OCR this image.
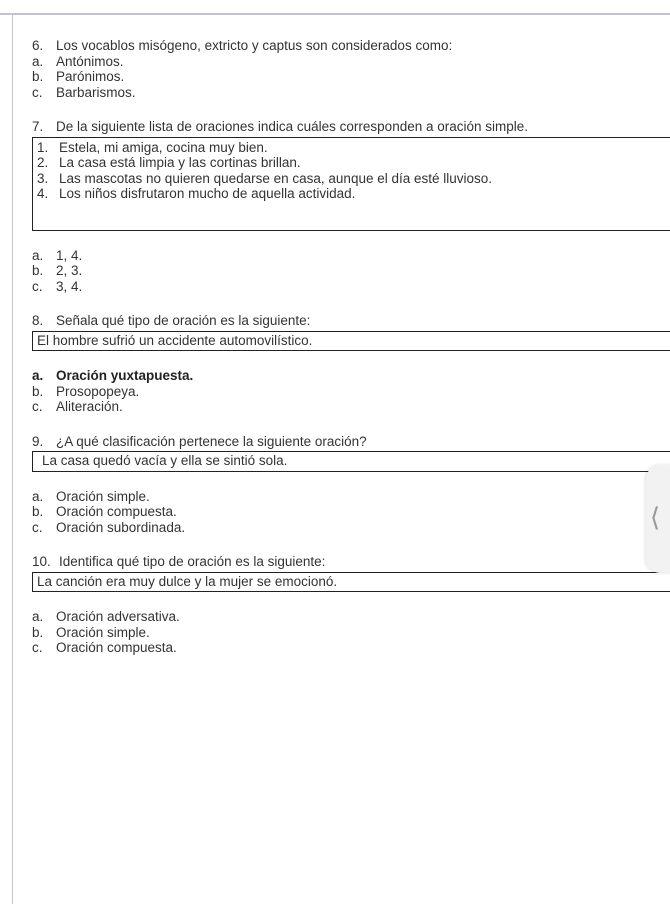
6. Los vocablos misógeno, extricto y captus son considerados como:

a. Antónimos.

b. Parónimos.

c. Barbarismos.

7. De la siguiente lista de oraciones indica cuáles corresponden a oración simple.

1. Estela, mi amiga, cocina muy bien.

2. La casa está limpia y las cortinas brillan.

3. Las mascotas no quieren quedarse en casa, aunque el día esté lluvioso.

4. Los niños disfrutaron mucho de aquella actividad.

a. 1, 4.

b. 2, 3.

c. 3, 4.

8. Señala qué tipo de oración es la siguiente:

El hombre sufrió un accidente automovilístico.

a. Oración yuxtapuesta.

b. Prosopopeya.

c. Aliteración.

9. ¿A qué clasificación pertenece la siguiente oración?

La casa quedó vacía y ella se sintió sola.

a. Oración simple.

b. Oración compuesta.

c. Oración subordinada.

10. Identifica qué tipo de oración es la siguiente:

La canción era muy dulce y la mujer se emocionó.

a. Oración adversativa.

b. Oración simple.

c. Oración compuesta.

⟨
